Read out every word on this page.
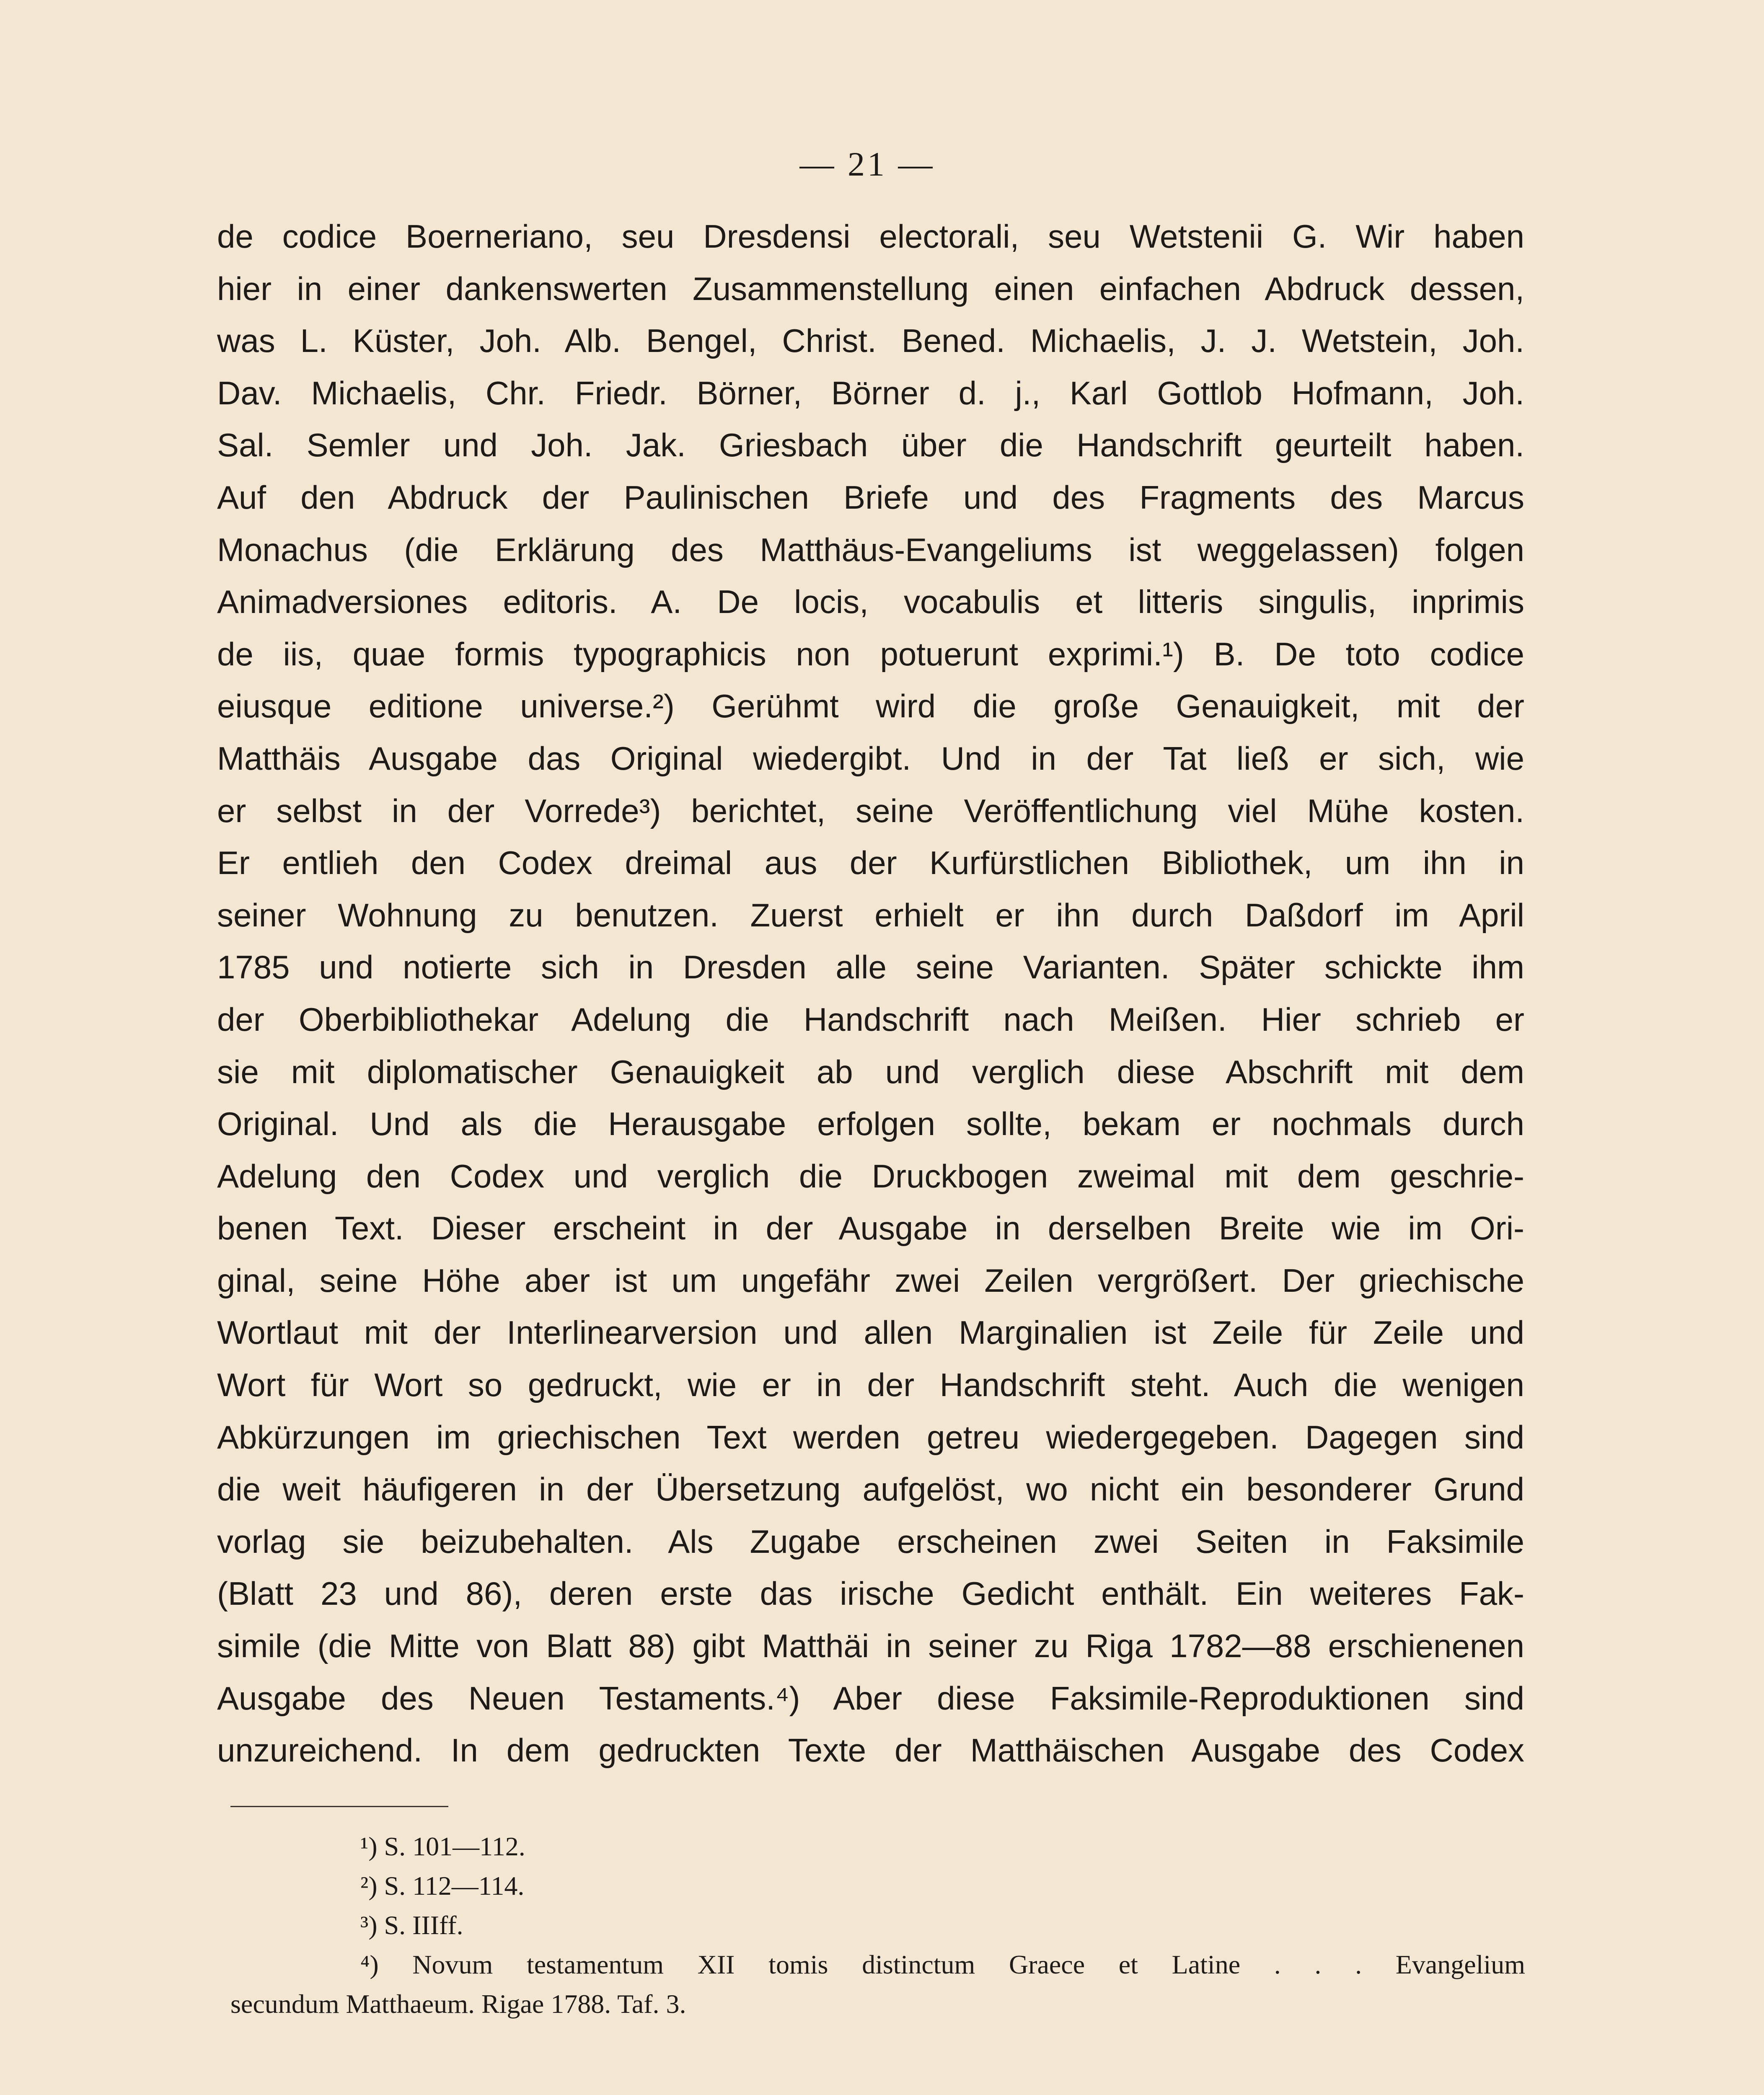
— 21 —
de codice Boerneriano, seu Dresdensi electorali, seu Wetstenii G. Wir haben
hier in einer dankenswerten Zusammenstellung einen einfachen Abdruck dessen,
was L. Küster, Joh. Alb. Bengel, Christ. Bened. Michaelis, J. J. Wetstein, Joh.
Dav. Michaelis, Chr. Friedr. Börner, Börner d. j., Karl Gottlob Hofmann, Joh.
Sal. Semler und Joh. Jak. Griesbach über die Handschrift geurteilt haben.
Auf den Abdruck der Paulinischen Briefe und des Fragments des Marcus
Monachus (die Erklärung des Matthäus-Evangeliums ist weggelassen) folgen
Animadversiones editoris. A. De locis, vocabulis et litteris singulis, inprimis
de iis, quae formis typographicis non potuerunt exprimi.¹) B. De toto codice
eiusque editione universe.²) Gerühmt wird die große Genauigkeit, mit der
Matthäis Ausgabe das Original wiedergibt. Und in der Tat ließ er sich, wie
er selbst in der Vorrede³) berichtet, seine Veröffentlichung viel Mühe kosten.
Er entlieh den Codex dreimal aus der Kurfürstlichen Bibliothek, um ihn in
seiner Wohnung zu benutzen. Zuerst erhielt er ihn durch Daßdorf im April
1785 und notierte sich in Dresden alle seine Varianten. Später schickte ihm
der Oberbibliothekar Adelung die Handschrift nach Meißen. Hier schrieb er
sie mit diplomatischer Genauigkeit ab und verglich diese Abschrift mit dem
Original. Und als die Herausgabe erfolgen sollte, bekam er nochmals durch
Adelung den Codex und verglich die Druckbogen zweimal mit dem geschrie-
benen Text. Dieser erscheint in der Ausgabe in derselben Breite wie im Ori-
ginal, seine Höhe aber ist um ungefähr zwei Zeilen vergrößert. Der griechische
Wortlaut mit der Interlinearversion und allen Marginalien ist Zeile für Zeile und
Wort für Wort so gedruckt, wie er in der Handschrift steht. Auch die wenigen
Abkürzungen im griechischen Text werden getreu wiedergegeben. Dagegen sind
die weit häufigeren in der Übersetzung aufgelöst, wo nicht ein besonderer Grund
vorlag sie beizubehalten. Als Zugabe erscheinen zwei Seiten in Faksimile
(Blatt 23 und 86), deren erste das irische Gedicht enthält. Ein weiteres Fak-
simile (die Mitte von Blatt 88) gibt Matthäi in seiner zu Riga 1782—88 erschienenen
Ausgabe des Neuen Testaments.⁴) Aber diese Faksimile-Reproduktionen sind
unzureichend. In dem gedruckten Texte der Matthäischen Ausgabe des Codex
¹) S. 101—112.
²) S. 112—114.
³) S. IIIff.
⁴) Novum testamentum XII tomis distinctum Graece et Latine . . . Evangelium
secundum Matthaeum. Rigae 1788. Taf. 3.
